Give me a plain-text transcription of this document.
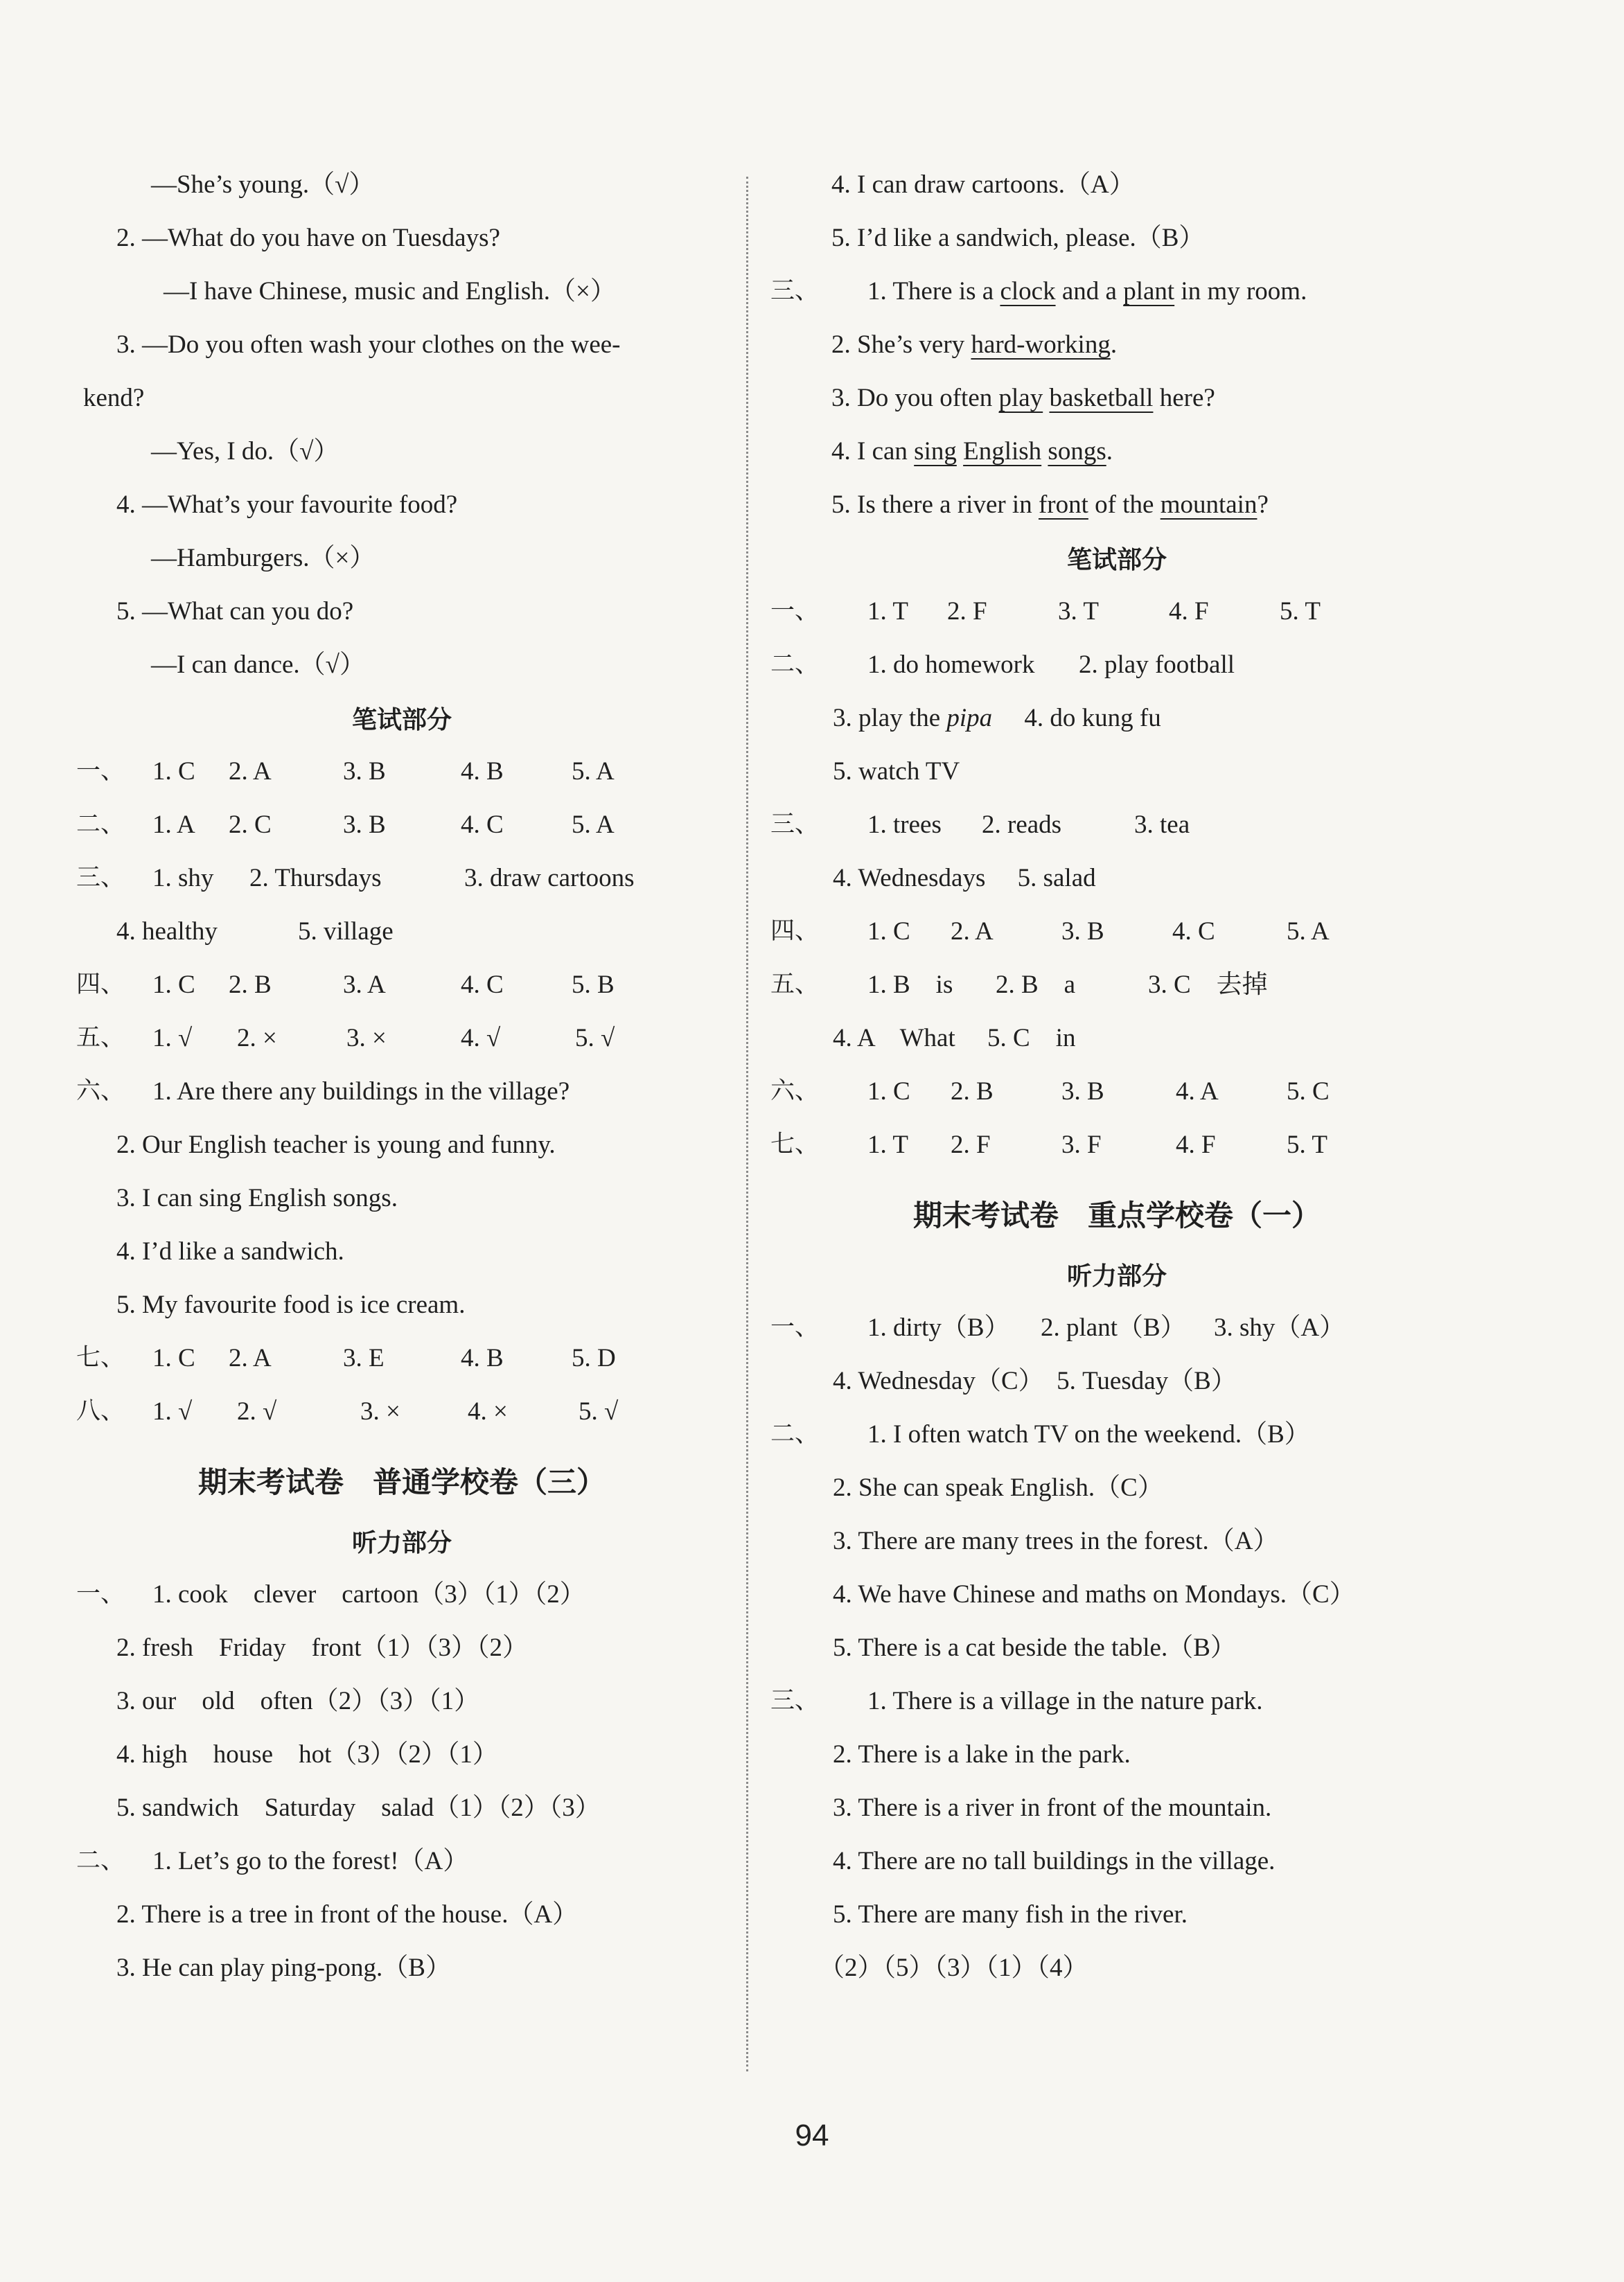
—She’s young.（√）
2. —What do you have on Tuesdays?
—I have Chinese, music and English.（×）
3. —Do you often wash your clothes on the wee-
kend?
—Yes, I do.（√）
4. —What’s your favourite food?
—Hamburgers.（×）
5. —What can you do?
—I can dance.（√）
笔试部分
一、 1. C 2. A	3. B	4. B	5. A
二、 1. A 2. C	3. B	4. C	5. A
三、 1. shy 2. Thursdays	3. draw cartoons
4. healthy	5. village
四、 1. C 2. B	3. A	4. C	5. B
五、 1. √ 2. ×	3. ×	4. √	5. √
六、 1. Are there any buildings in the village?
2. Our English teacher is young and funny.
3. I can sing English songs.
4. I’d like a sandwich.
5. My favourite food is ice cream.
七、 1. C 2. A	3. E	4. B	5. D
八、 1. √ 2. √	3. ×	4. ×	5. √
期末考试卷　普通学校卷（三）
听力部分
一、 1. cook　clever　cartoon（3）（1）（2）
2. fresh　Friday　front（1）（3）（2）
3. our　old　often（2）（3）（1）
4. high　house　hot（3）（2）（1）
5. sandwich　Saturday　salad（1）（2）（3）
二、 1. Let’s go to the forest!（A）
2. There is a tree in front of the house.（A）
3. He can play ping-pong.（B）
4. I can draw cartoons.（A）
5. I’d like a sandwich, please.（B）
三、 1. There is a clock and a plant in my room.
2. She’s very hard-working.
3. Do you often play basketball here?
4. I can sing English songs.
5. Is there a river in front of the mountain?
笔试部分
一、 1. T 2. F	3. T	4. F	5. T
二、 1. do homework 2. play football
3. play the pipa　 4. do kung fu
5. watch TV
三、 1. trees 2. reads	3. tea
4. Wednesdays　 5. salad
四、 1. C 2. A	3. B	4. C	5. A
五、 1. B　is 2. B　a	3. C　去掉
4. A　What　 5. C　in
六、 1. C 2. B	3. B	4. A	5. C
七、 1. T 2. F	3. F	4. F	5. T
期末考试卷　重点学校卷（一）
听力部分
一、 1. dirty（B） 2. plant（B） 3. shy（A）
4. Wednesday（C）　5. Tuesday（B）
二、 1. I often watch TV on the weekend.（B）
2. She can speak English.（C）
3. There are many trees in the forest.（A）
4. We have Chinese and maths on Mondays.（C）
5. There is a cat beside the table.（B）
三、 1. There is a village in the nature park.
2. There is a lake in the park.
3. There is a river in front of the mountain.
4. There are no tall buildings in the village.
5. There are many fish in the river.
（2）（5）（3）（1）（4）
94
